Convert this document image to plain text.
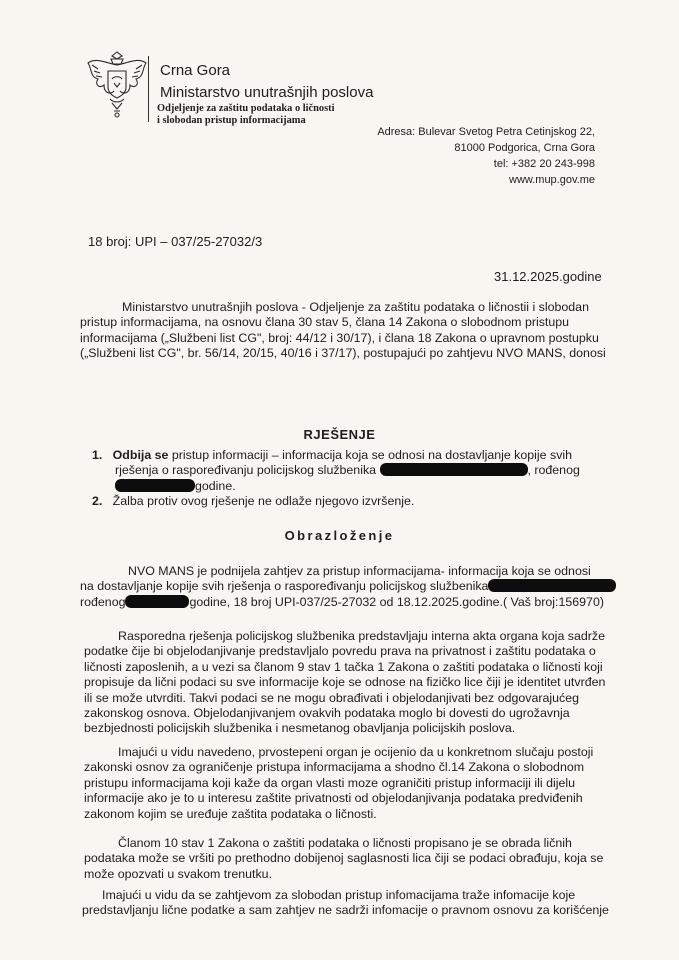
Crna Gora
Ministarstvo unutrašnjih poslova
Odjeljenje za zaštitu podataka o ličnosti
i slobodan pristup informacijama
Adresa: Bulevar Svetog Petra Cetinjskog 22,
81000 Podgorica, Crna Gora
tel: +382 20 243-998
www.mup.gov.me
18 broj: UPI – 037/25-27032/3
31.12.2025.godine
Ministarstvo unutrašnjih poslova - Odjeljenje za zaštitu podataka o ličnostii i slobodan
pristup informacijama, na osnovu člana 30 stav 5, člana 14 Zakona o slobodnom pristupu
informacijama („Službeni list CG", broj: 44/12 i 30/17), i člana 18 Zakona o upravnom postupku
(„Službeni list CG", br. 56/14, 20/15, 40/16 i 37/17), postupajući po zahtjevu NVO MANS, donosi
RJEŠENJE
1. Odbija se pristup informaciji – informacija koja se odnosi na dostavljanje kopije svih
rješenja o raspoređivanju policijskog službenika	, rođenog
godine.
2. Žalba protiv ovog rješenje ne odlaže njegovo izvršenje.
Obrazloženje
NVO MANS je podnijela zahtjev za pristup informacijama- informacija koja se odnosi
na dostavljanje kopije svih rješenja o raspoređivanju policijskog službenika
rođenog	godine, 18 broj UPI-037/25-27032 od 18.12.2025.godine.( Vaš broj:156970)
Rasporedna rješenja policijskog službenika predstavljaju interna akta organa koja sadrže
podatke čije bi objelodanjivanje predstavljalo povredu prava na privatnost i zaštitu podataka o
ličnosti zaposlenih, a u vezi sa članom 9 stav 1 tačka 1 Zakona o zaštiti podataka o ličnosti koji
propisuje da lični podaci su sve informacije koje se odnose na fizičko lice čiji je identitet utvrđen
ili se može utvrditi. Takvi podaci se ne mogu obrađivati i objelodanjivati bez odgovarajućeg
zakonskog osnova. Objelodanjivanjem ovakvih podataka moglo bi dovesti do ugrožavnja
bezbjednosti policijskih službenika i nesmetanog obavljanja policijskih poslova.
Imajući u vidu navedeno, prvostepeni organ je ocijenio da u konkretnom slučaju postoji
zakonski osnov za ograničenje pristupa informacijama a shodno čl.14 Zakona o slobodnom
pristupu informacijama koji kaže da organ vlasti moze ograničiti pristup informaciji ili dijelu
informacije ako je to u interesu zaštite privatnosti od objelodanjivanja podataka predviđenih
zakonom kojim se uređuje zaštita podataka o ličnosti.
Članom 10 stav 1 Zakona o zaštiti podataka o ličnosti propisano je se obrada ličnih
podataka može se vršiti po prethodno dobijenoj saglasnosti lica čiji se podaci obrađuju, koja se
može opozvati u svakom trenutku.
Imajući u vidu da se zahtjevom za slobodan pristup infomacijama traže infomacije koje
predstavljanju lične podatke a sam zahtjev ne sadrži infomacije o pravnom osnovu za korišćenje
